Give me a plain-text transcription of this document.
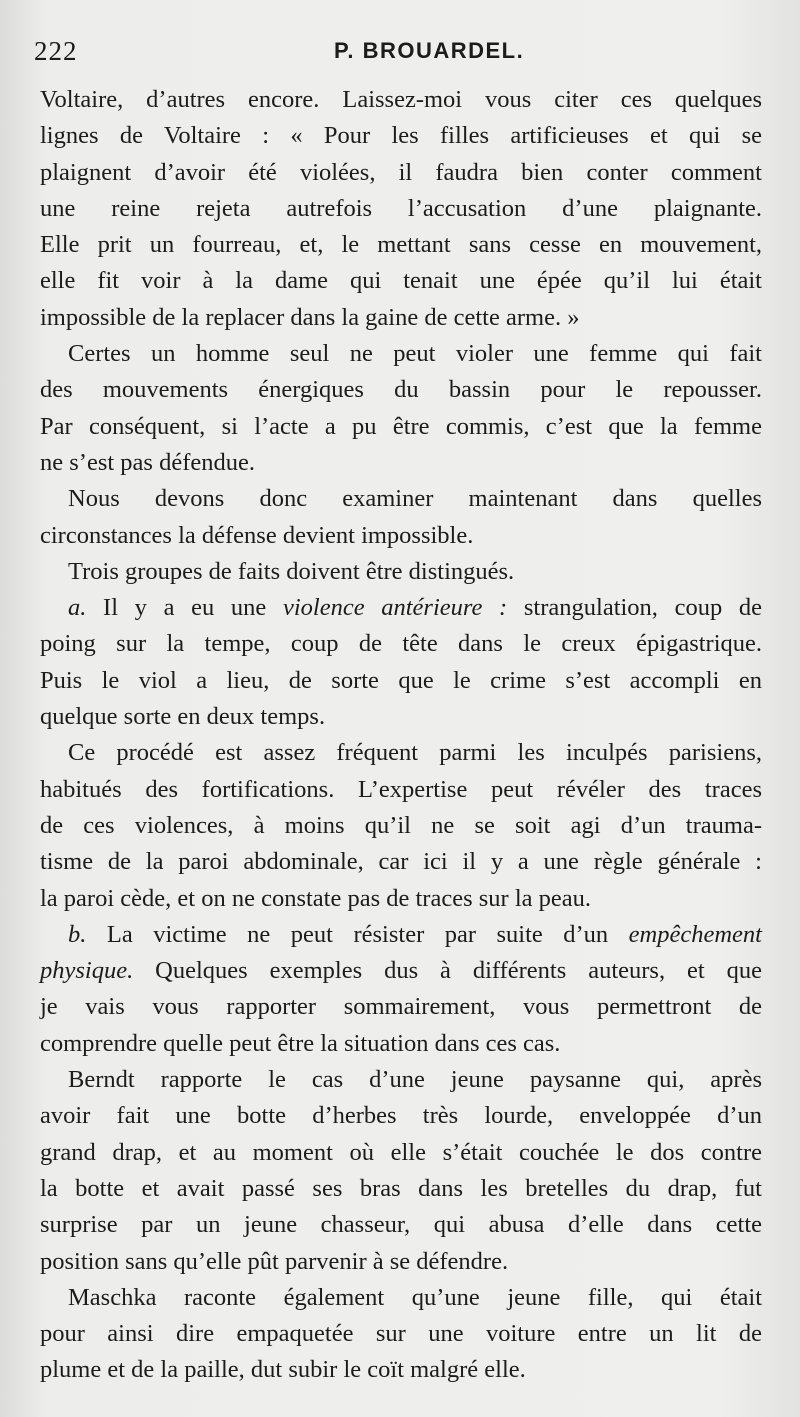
222	P. BROUARDEL.
Voltaire, d’autres encore. Laissez-moi vous citer ces quelques
lignes de Voltaire : « Pour les filles artificieuses et qui se
plaignent d’avoir été violées, il faudra bien conter comment
une reine rejeta autrefois l’accusation d’une plaignante.
Elle prit un fourreau, et, le mettant sans cesse en mouvement,
elle fit voir à la dame qui tenait une épée qu’il lui était
impossible de la replacer dans la gaine de cette arme. »
Certes un homme seul ne peut violer une femme qui fait
des mouvements énergiques du bassin pour le repousser.
Par conséquent, si l’acte a pu être commis, c’est que la femme
ne s’est pas défendue.
Nous devons donc examiner maintenant dans quelles
circonstances la défense devient impossible.
Trois groupes de faits doivent être distingués.
a. Il y a eu une violence antérieure : strangulation, coup de
poing sur la tempe, coup de tête dans le creux épigastrique.
Puis le viol a lieu, de sorte que le crime s’est accompli en
quelque sorte en deux temps.
Ce procédé est assez fréquent parmi les inculpés parisiens,
habitués des fortifications. L’expertise peut révéler des traces
de ces violences, à moins qu’il ne se soit agi d’un trauma-
tisme de la paroi abdominale, car ici il y a une règle générale :
la paroi cède, et on ne constate pas de traces sur la peau.
b. La victime ne peut résister par suite d’un empêchement
physique. Quelques exemples dus à différents auteurs, et que
je vais vous rapporter sommairement, vous permettront de
comprendre quelle peut être la situation dans ces cas.
Berndt rapporte le cas d’une jeune paysanne qui, après
avoir fait une botte d’herbes très lourde, enveloppée d’un
grand drap, et au moment où elle s’était couchée le dos contre
la botte et avait passé ses bras dans les bretelles du drap, fut
surprise par un jeune chasseur, qui abusa d’elle dans cette
position sans qu’elle pût parvenir à se défendre.
Maschka raconte également qu’une jeune fille, qui était
pour ainsi dire empaquetée sur une voiture entre un lit de
plume et de la paille, dut subir le coït malgré elle.
